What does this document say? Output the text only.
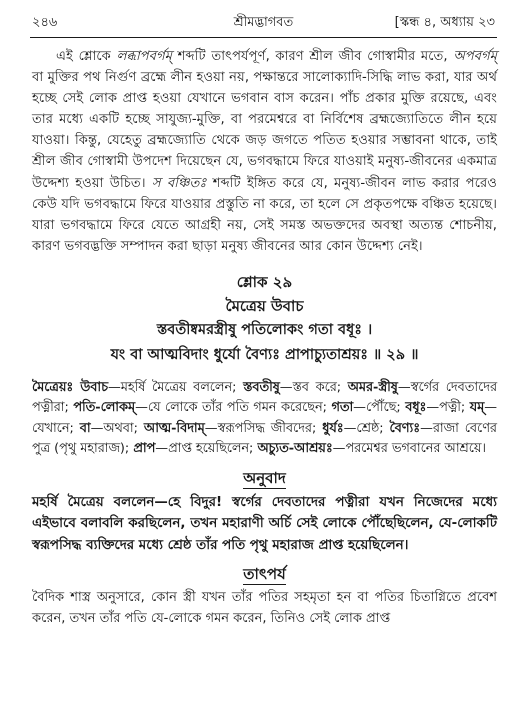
২৪৬	শ্রীমদ্ভাগবত	[স্কন্ধ ৪, অধ্যায় ২৩

এই শ্লোকে লব্ধাপবর্গম্ শব্দটি তাৎপর্যপূর্ণ, কারণ শ্রীল জীব গোস্বামীর মতে, অপবর্গম্ বা মুক্তির পথ নির্গুণ ব্রহ্মে লীন হওয়া নয়, পক্ষান্তরে সালোক্যাদি-সিদ্ধি লাভ করা, যার অর্থ হচ্ছে সেই লোক প্রাপ্ত হওয়া যেখানে ভগবান বাস করেন। পাঁচ প্রকার মুক্তি রয়েছে, এবং তার মধ্যে একটি হচ্ছে সাযুজ্য-মুক্তি, বা পরমেশ্বরে বা নির্বিশেষ ব্রহ্মজ্যোতিতে লীন হয়ে যাওয়া। কিন্তু, যেহেতু ব্রহ্মজ্যোতি থেকে জড় জগতে পতিত হওয়ার সম্ভাবনা থাকে, তাই শ্রীল জীব গোস্বামী উপদেশ দিয়েছেন যে, ভগবদ্ধামে ফিরে যাওয়াই মনুষ্য-জীবনের একমাত্র উদ্দেশ্য হওয়া উচিত। স বঞ্চিতঃ শব্দটি ইঙ্গিত করে যে, মনুষ্য-জীবন লাভ করার পরেও কেউ যদি ভগবদ্ধামে ফিরে যাওয়ার প্রস্তুতি না করে, তা হলে সে প্রকৃতপক্ষে বঞ্চিত হয়েছে। যারা ভগবদ্ধামে ফিরে যেতে আগ্রহী নয়, সেই সমস্ত অভক্তদের অবস্থা অত্যন্ত শোচনীয়, কারণ ভগবদ্ভক্তি সম্পাদন করা ছাড়া মনুষ্য জীবনের আর কোন উদ্দেশ্য নেই।

শ্লোক ২৯
মৈত্রেয় উবাচ
স্তবতীষ্বমরস্ত্রীষু পতিলোকং গতা বধূঃ ।
যং বা আত্মবিদাং ধুর্যো বৈণ্যঃ প্রাপাচ্যুতাশ্রয়ঃ ॥ ২৯ ॥

মৈত্রেয়ঃ উবাচ—মহর্ষি মৈত্রেয় বললেন; স্তবতীষু—স্তব করে; অমর-স্ত্রীষু—স্বর্গের দেবতাদের পত্নীরা; পতি-লোকম্—যে লোকে তাঁর পতি গমন করেছেন; গতা—পৌঁছে; বধূঃ—পত্নী; যম্—যেখানে; বা—অথবা; আত্ম-বিদাম্—স্বরূপসিদ্ধ জীবদের; ধুর্যঃ—শ্রেষ্ঠ; বৈণ্যঃ—রাজা বেণের পুত্র (পৃথু মহারাজ); প্রাপ—প্রাপ্ত হয়েছিলেন; অচ্যুত-আশ্রয়ঃ—পরমেশ্বর ভগবানের আশ্রয়ে।

অনুবাদ

মহর্ষি মৈত্রেয় বললেন—হে বিদুর! স্বর্গের দেবতাদের পত্নীরা যখন নিজেদের মধ্যে এইভাবে বলাবলি করছিলেন, তখন মহারাণী অর্চি সেই লোকে পৌঁছেছিলেন, যে-লোকটি স্বরূপসিদ্ধ ব্যক্তিদের মধ্যে শ্রেষ্ঠ তাঁর পতি পৃথু মহারাজ প্রাপ্ত হয়েছিলেন।

তাৎপর্য

বৈদিক শাস্ত্র অনুসারে, কোন স্ত্রী যখন তাঁর পতির সহমৃতা হন বা পতির চিতাগ্নিতে প্রবেশ করেন, তখন তাঁর পতি যে-লোকে গমন করেন, তিনিও সেই লোক প্রাপ্ত
